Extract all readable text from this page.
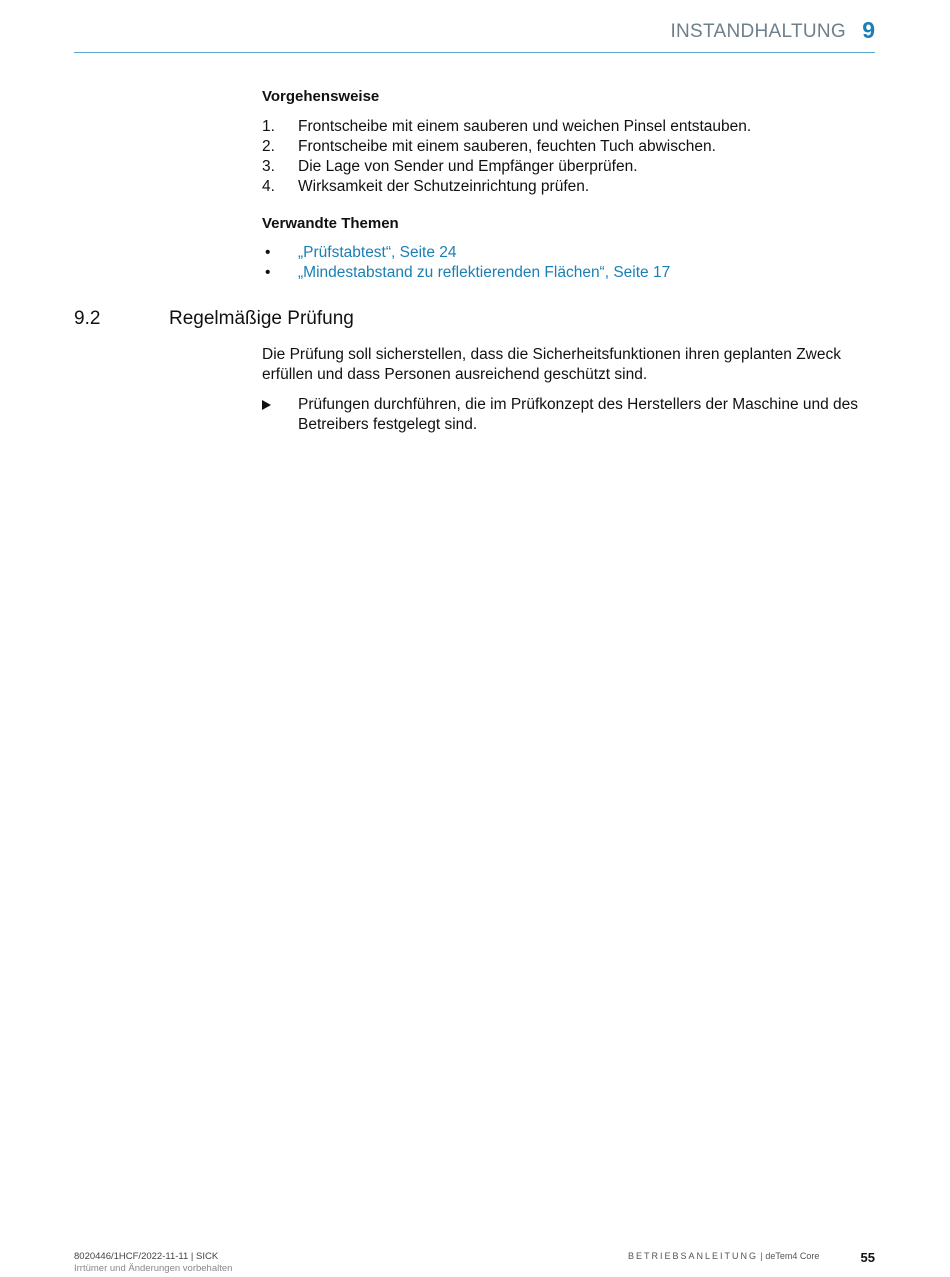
INSTANDHALTUNG 9
Vorgehensweise
1. Frontscheibe mit einem sauberen und weichen Pinsel entstauben.
2. Frontscheibe mit einem sauberen, feuchten Tuch abwischen.
3. Die Lage von Sender und Empfänger überprüfen.
4. Wirksamkeit der Schutzeinrichtung prüfen.
Verwandte Themen
• „Prüfstabtest“, Seite 24
• „Mindestabstand zu reflektierenden Flächen“, Seite 17
9.2	Regelmäßige Prüfung
Die Prüfung soll sicherstellen, dass die Sicherheitsfunktionen ihren geplanten Zweck erfüllen und dass Personen ausreichend geschützt sind.
Prüfungen durchführen, die im Prüfkonzept des Herstellers der Maschine und des Betreibers festgelegt sind.
8020446/1HCF/2022-11-11 | SICK
Irrtümer und Änderungen vorbehalten
BETRIEBSANLEITUNG | deTem4 Core	55
